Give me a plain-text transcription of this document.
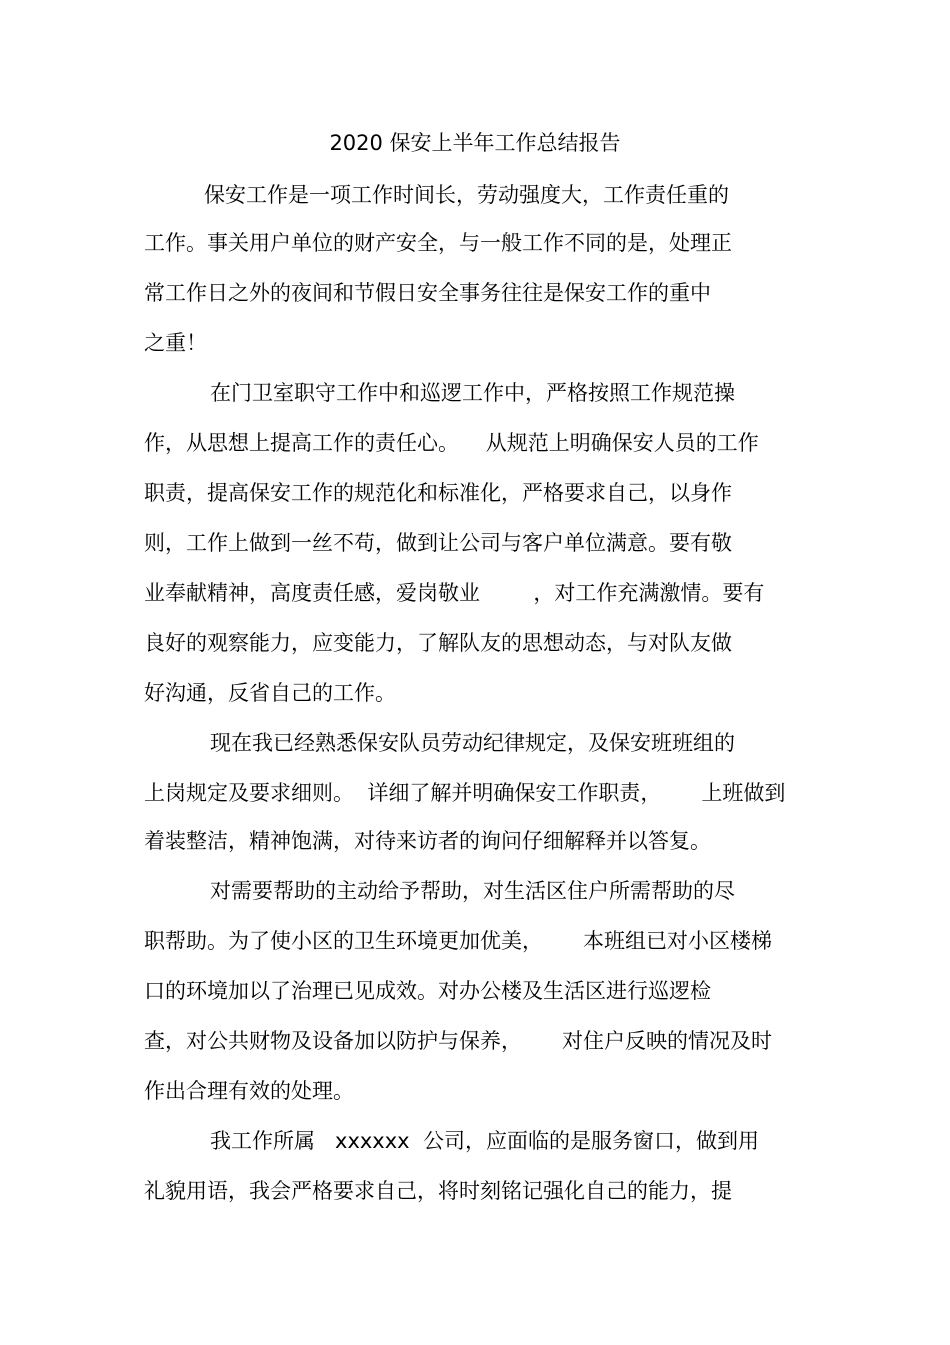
2020 保安上半年工作总结报告
保安工作是一项工作时间长，劳动强度大，工作责任重的
工作。事关用户单位的财产安全，与一般工作不同的是，处理正
常工作日之外的夜间和节假日安全事务往往是保安工作的重中
之重！
在门卫室职守工作中和巡逻工作中，严格按照工作规范操
作，从思想上提高工作的责任心。    从规范上明确保安人员的工作
职责，提高保安工作的规范化和标准化，严格要求自己，以身作
则，工作上做到一丝不苟，做到让公司与客户单位满意。要有敬
业奉献精神，高度责任感，爱岗敬业        ，对工作充满激情。要有
良好的观察能力，应变能力，了解队友的思想动态，与对队友做
好沟通，反省自己的工作。
现在我已经熟悉保安队员劳动纪律规定，及保安班班组的
上岗规定及要求细则。  详细了解并明确保安工作职责，      上班做到
着装整洁，精神饱满，对待来访者的询问仔细解释并以答复。
对需要帮助的主动给予帮助，对生活区住户所需帮助的尽
职帮助。为了使小区的卫生环境更加优美，      本班组已对小区楼梯
口的环境加以了治理已见成效。对办公楼及生活区进行巡逻检
查，对公共财物及设备加以防护与保养，      对住户反映的情况及时
作出合理有效的处理。
我工作所属   xxxxxx  公司，应面临的是服务窗口，做到用
礼貌用语，我会严格要求自己，将时刻铭记强化自己的能力，提
